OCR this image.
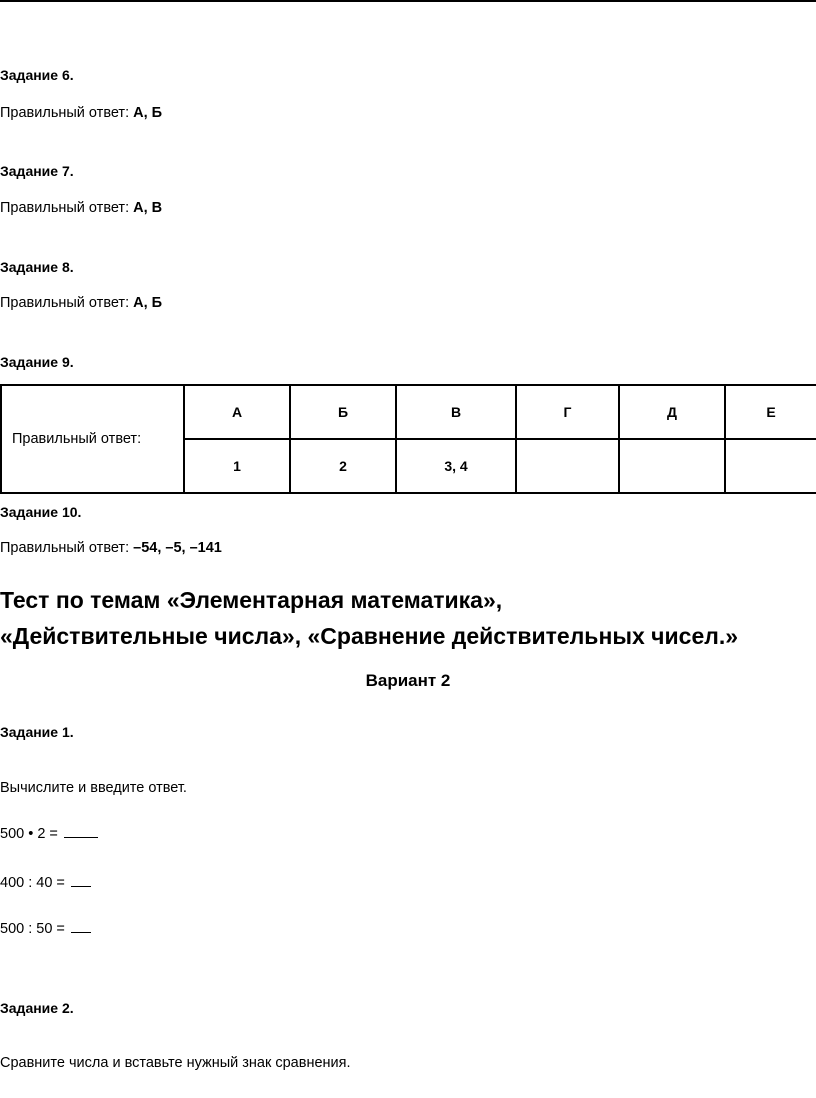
Задание 6.
Правильный ответ: А, Б
Задание 7.
Правильный ответ: А, В
Задание 8.
Правильный ответ: А, Б
Задание 9.
Правильный ответ:	А	Б	В	Г	Д	Е
	1	2	3, 4			
Задание 10.
Правильный ответ: –54, –5, –141
Тест по темам «Элементарная математика»,
«Действительные числа», «Сравнение действительных чисел.»
Вариант 2
Задание 1.
Вычислите и введите ответ.
500 • 2 =
400 : 40 =
500 : 50 =
Задание 2.
Сравните числа и вставьте нужный знак сравнения.
